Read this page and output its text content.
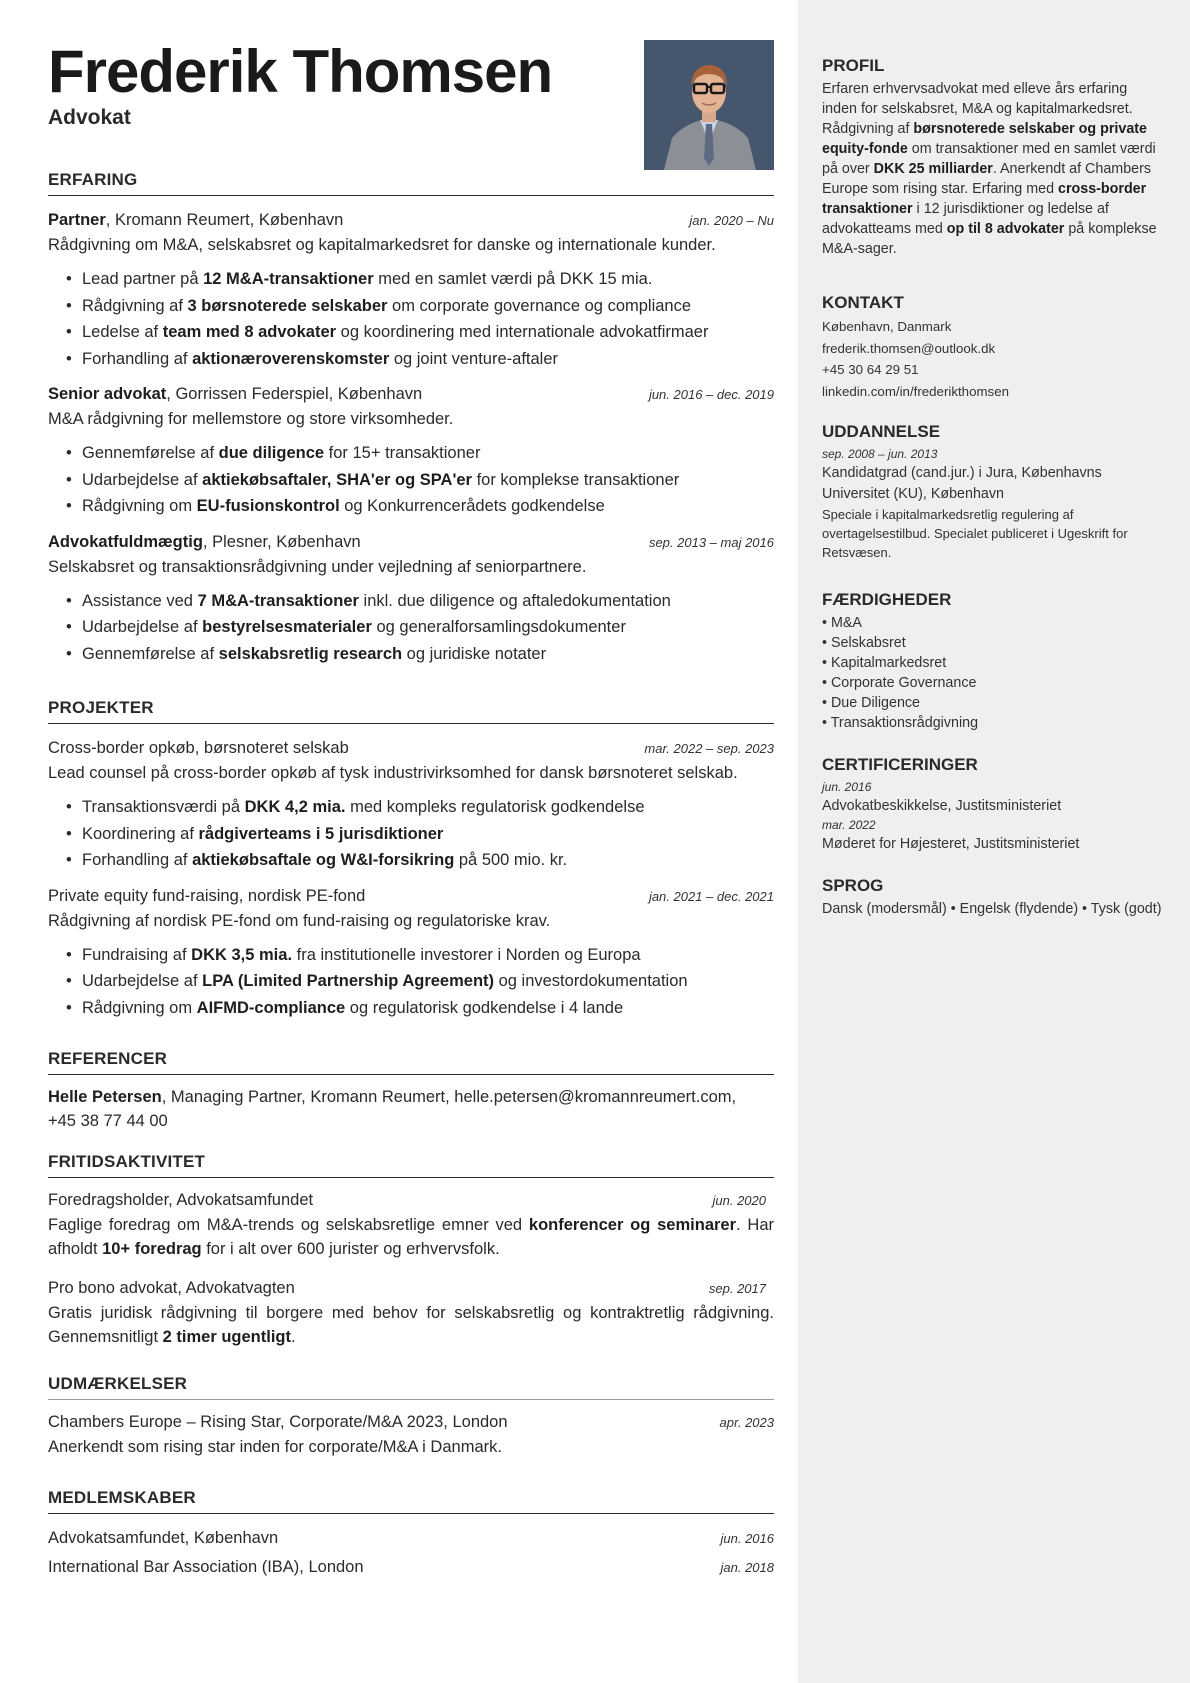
Frederik Thomsen
Advokat
ERFARING
Partner, Kromann Reumert, København	jan. 2020 – Nu
Rådgivning om M&A, selskabsret og kapitalmarkedsret for danske og internationale kunder.
• Lead partner på 12 M&A-transaktioner med en samlet værdi på DKK 15 mia.
• Rådgivning af 3 børsnoterede selskaber om corporate governance og compliance
• Ledelse af team med 8 advokater og koordinering med internationale advokatfirmaer
• Forhandling af aktionæroverenskomster og joint venture-aftaler
Senior advokat, Gorrissen Federspiel, København	jun. 2016 – dec. 2019
M&A rådgivning for mellemstore og store virksomheder.
• Gennemførelse af due diligence for 15+ transaktioner
• Udarbejdelse af aktiekøbsaftaler, SHA'er og SPA'er for komplekse transaktioner
• Rådgivning om EU-fusionskontrol og Konkurrencerådets godkendelse
Advokatfuldmægtig, Plesner, København	sep. 2013 – maj 2016
Selskabsret og transaktionsrådgivning under vejledning af seniorpartnere.
• Assistance ved 7 M&A-transaktioner inkl. due diligence og aftaledokumentation
• Udarbejdelse af bestyrelsesmaterialer og generalforsamlingsdokumenter
• Gennemførelse af selskabsretlig research og juridiske notater
PROJEKTER
Cross-border opkøb, børsnoteret selskab	mar. 2022 – sep. 2023
Lead counsel på cross-border opkøb af tysk industrivirksomhed for dansk børsnoteret selskab.
• Transaktionsværdi på DKK 4,2 mia. med kompleks regulatorisk godkendelse
• Koordinering af rådgiverteams i 5 jurisdiktioner
• Forhandling af aktiekøbsaftale og W&I-forsikring på 500 mio. kr.
Private equity fund-raising, nordisk PE-fond	jan. 2021 – dec. 2021
Rådgivning af nordisk PE-fond om fund-raising og regulatoriske krav.
• Fundraising af DKK 3,5 mia. fra institutionelle investorer i Norden og Europa
• Udarbejdelse af LPA (Limited Partnership Agreement) og investordokumentation
• Rådgivning om AIFMD-compliance og regulatorisk godkendelse i 4 lande
REFERENCER
Helle Petersen, Managing Partner, Kromann Reumert, helle.petersen@kromannreumert.com,
+45 38 77 44 00
FRITIDSAKTIVITET
Foredragsholder, Advokatsamfundet	jun. 2020
Faglige foredrag om M&A-trends og selskabsretlige emner ved konferencer og seminarer. Har afholdt 10+ foredrag for i alt over 600 jurister og erhvervsfolk.
Pro bono advokat, Advokatvagten	sep. 2017
Gratis juridisk rådgivning til borgere med behov for selskabsretlig og kontraktretlig rådgivning. Gennemsnitligt 2 timer ugentligt.
UDMÆRKELSER
Chambers Europe – Rising Star, Corporate/M&A 2023, London	apr. 2023
Anerkendt som rising star inden for corporate/M&A i Danmark.
MEDLEMSKABER
Advokatsamfundet, København	jun. 2016
International Bar Association (IBA), London	jan. 2018
PROFIL
Erfaren erhvervsadvokat med elleve års erfaring inden for selskabsret, M&A og kapitalmarkedsret. Rådgivning af børsnoterede selskaber og private equity-fonde om transaktioner med en samlet værdi på over DKK 25 milliarder. Anerkendt af Chambers Europe som rising star. Erfaring med cross-border transaktioner i 12 jurisdiktioner og ledelse af advokatteams med op til 8 advokater på komplekse M&A-sager.
KONTAKT
København, Danmark
frederik.thomsen@outlook.dk
+45 30 64 29 51
linkedin.com/in/frederikthomsen
UDDANNELSE
sep. 2008 – jun. 2013
Kandidatgrad (cand.jur.) i Jura, Københavns Universitet (KU), København
Speciale i kapitalmarkedsretlig regulering af overtagelsestilbud. Specialet publiceret i Ugeskrift for Retsvæsen.
FÆRDIGHEDER
• M&A
• Selskabsret
• Kapitalmarkedsret
• Corporate Governance
• Due Diligence
• Transaktionsrådgivning
CERTIFICERINGER
jun. 2016
Advokatbeskikkelse, Justitsministeriet
mar. 2022
Møderet for Højesteret, Justitsministeriet
SPROG
Dansk (modersmål) • Engelsk (flydende) • Tysk (godt)
